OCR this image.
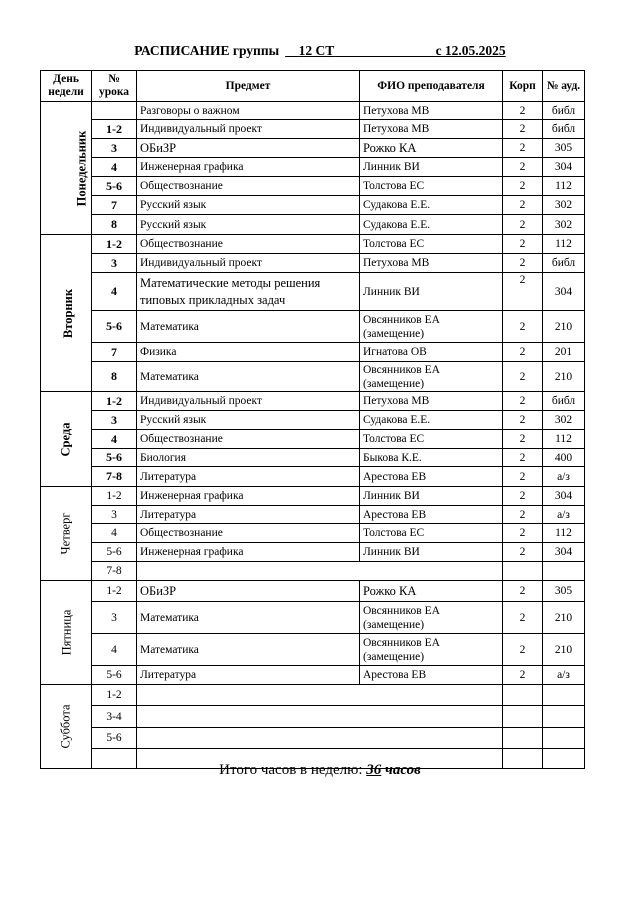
РАСПИСАНИЕ группы 12 СТ	с 12.05.2025
День недели	№ урока	Предмет	ФИО преподавателя	Корп	№ ауд.
Понедельник		Разговоры о важном	Петухова МВ	2	библ
	1-2	Индивидуальный проект	Петухова МВ	2	библ
	3	ОБиЗР	Рожко КА	2	305
	4	Инженерная графика	Линник ВИ	2	304
	5-6	Обществознание	Толстова ЕС	2	112
	7	Русский язык	Судакова Е.Е.	2	302
	8	Русский язык	Судакова Е.Е.	2	302
Вторник	1-2	Обществознание	Толстова ЕС	2	112
	3	Индивидуальный проект	Петухова МВ	2	библ
	4	Математические методы решения
типовых прикладных задач	Линник ВИ	2	304
	5-6	Математика	Овсянников ЕА
(замещение)	2	210
	7	Физика	Игнатова ОВ	2	201
	8	Математика	Овсянников ЕА
(замещение)	2	210
Среда	1-2	Индивидуальный проект	Петухова МВ	2	библ
	3	Русский язык	Судакова Е.Е.	2	302
	4	Обществознание	Толстова ЕС	2	112
	5-6	Биология	Быкова К.Е.	2	400
	7-8	Литература	Арестова ЕВ	2	а/з
Четверг	1-2	Инженерная графика	Линник ВИ	2	304
	3	Литература	Арестова ЕВ	2	а/з
	4	Обществознание	Толстова ЕС	2	112
	5-6	Инженерная графика	Линник ВИ	2	304
	7-8		

Пятница	1-2	ОБиЗР	Рожко КА	2	305
	3	Математика	Овсянников ЕА
(замещение)	2	210
	4	Математика	Овсянников ЕА
(замещение)	2	210
	5-6	Литература	Арестова ЕВ	2	а/з
Суббота	1-2		

	3-4		

	5-6		

Итого часов в неделю: 36 часов
